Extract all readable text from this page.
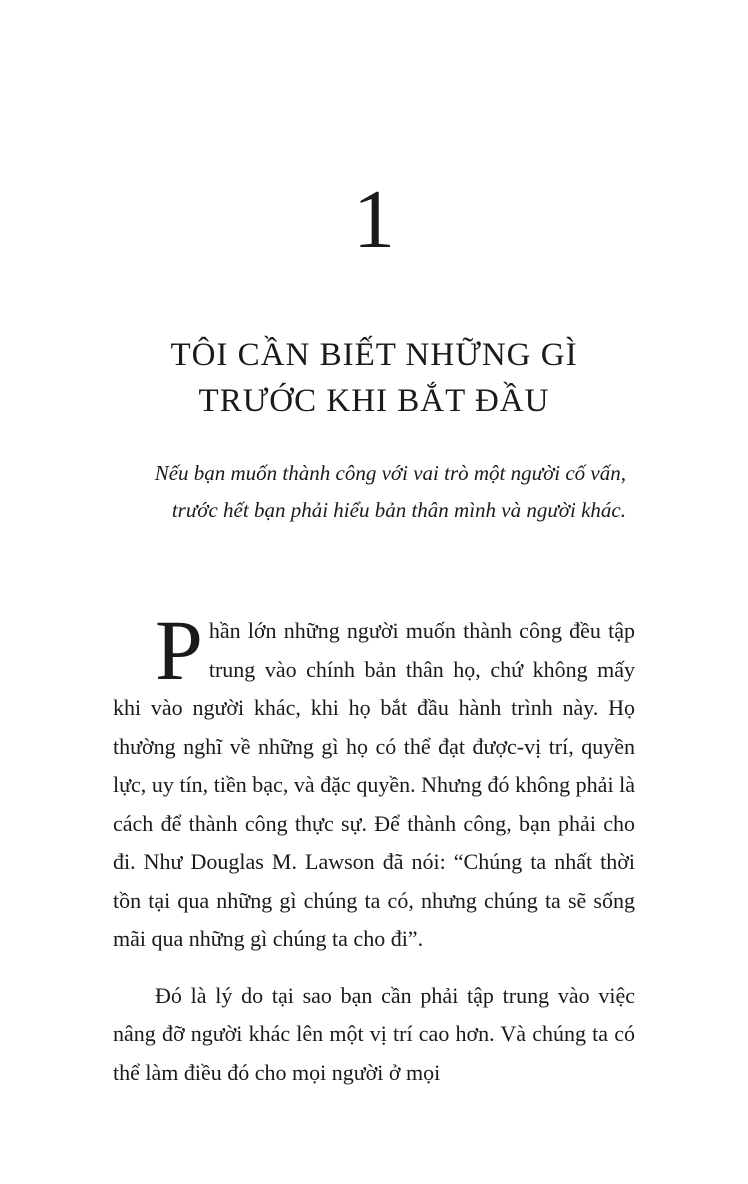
1
TÔI CẦN BIẾT NHỮNG GÌ
TRƯỚC KHI BẮT ĐẦU
Nếu bạn muốn thành công với vai trò một người cố vấn,
trước hết bạn phải hiểu bản thân mình và người khác.

Phần lớn những người muốn thành công đều tập trung vào chính bản thân họ, chứ không mấy khi vào người khác, khi họ bắt đầu hành trình này. Họ thường nghĩ về những gì họ có thể đạt được-vị trí, quyền lực, uy tín, tiền bạc, và đặc quyền. Nhưng đó không phải là cách để thành công thực sự. Để thành công, bạn phải cho đi. Như Douglas M. Lawson đã nói: “Chúng ta nhất thời tồn tại qua những gì chúng ta có, nhưng chúng ta sẽ sống mãi qua những gì chúng ta cho đi”.

Đó là lý do tại sao bạn cần phải tập trung vào việc nâng đỡ người khác lên một vị trí cao hơn. Và chúng ta có thể làm điều đó cho mọi người ở mọi
